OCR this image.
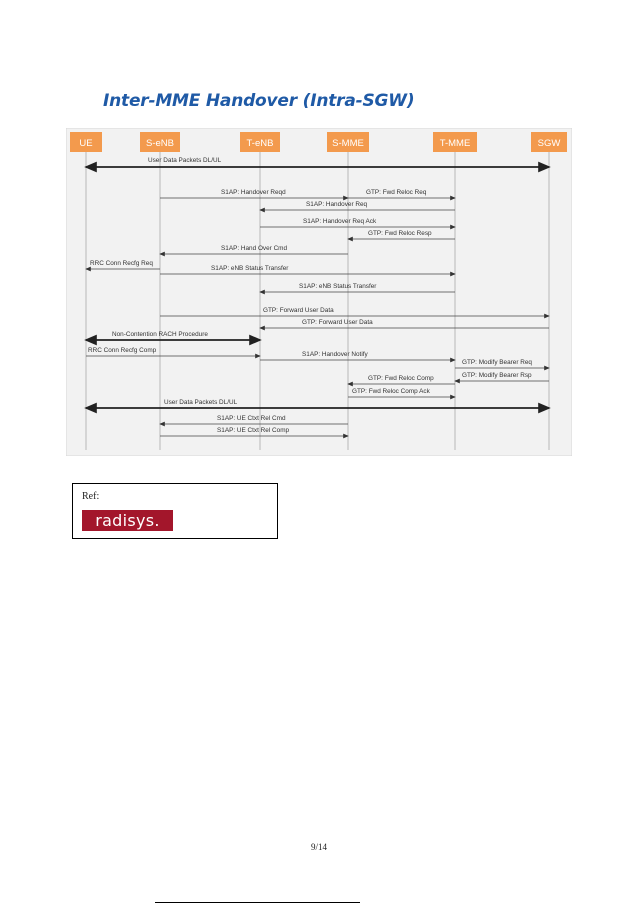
Inter-MME Handover (Intra-SGW)
UE	S-eNB	T-eNB	S-MME	T-MME	SGW
User Data Packets DL/UL
S1AP: Handover Reqd	GTP: Fwd Reloc Req
S1AP: Handover Req
S1AP: Handover Req Ack
GTP: Fwd Reloc Resp
S1AP: Hand Over Cmd
RRC Conn Recfg Req
S1AP: eNB Status Transfer
S1AP: eNB Status Transfer
GTP: Forward User Data
GTP: Forward User Data
Non-Contention RACH Procedure
RRC Conn Recfg Comp
S1AP: Handover Notify
GTP: Modify Bearer Req
GTP: Modify Bearer Rsp
GTP: Fwd Reloc Comp
GTP: Fwd Reloc Comp Ack
User Data Packets DL/UL
S1AP: UE Ctxt Rel Cmd
S1AP: UE Ctxt Rel Comp
Ref:
radisys.
9/14
